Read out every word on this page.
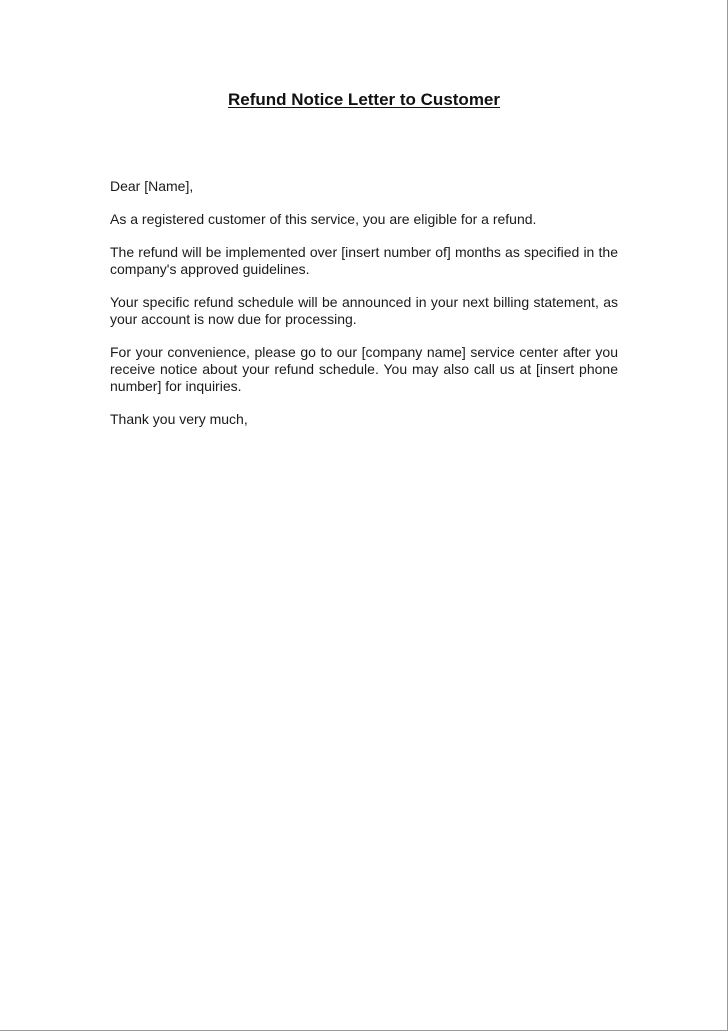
Refund Notice Letter to Customer

Dear [Name],

As a registered customer of this service, you are eligible for a refund.

The refund will be implemented over [insert number of] months as specified in the company's approved guidelines.

Your specific refund schedule will be announced in your next billing statement, as your account is now due for processing.

For your convenience, please go to our [company name] service center after you receive notice about your refund schedule. You may also call us at [insert phone number] for inquiries.

Thank you very much,
